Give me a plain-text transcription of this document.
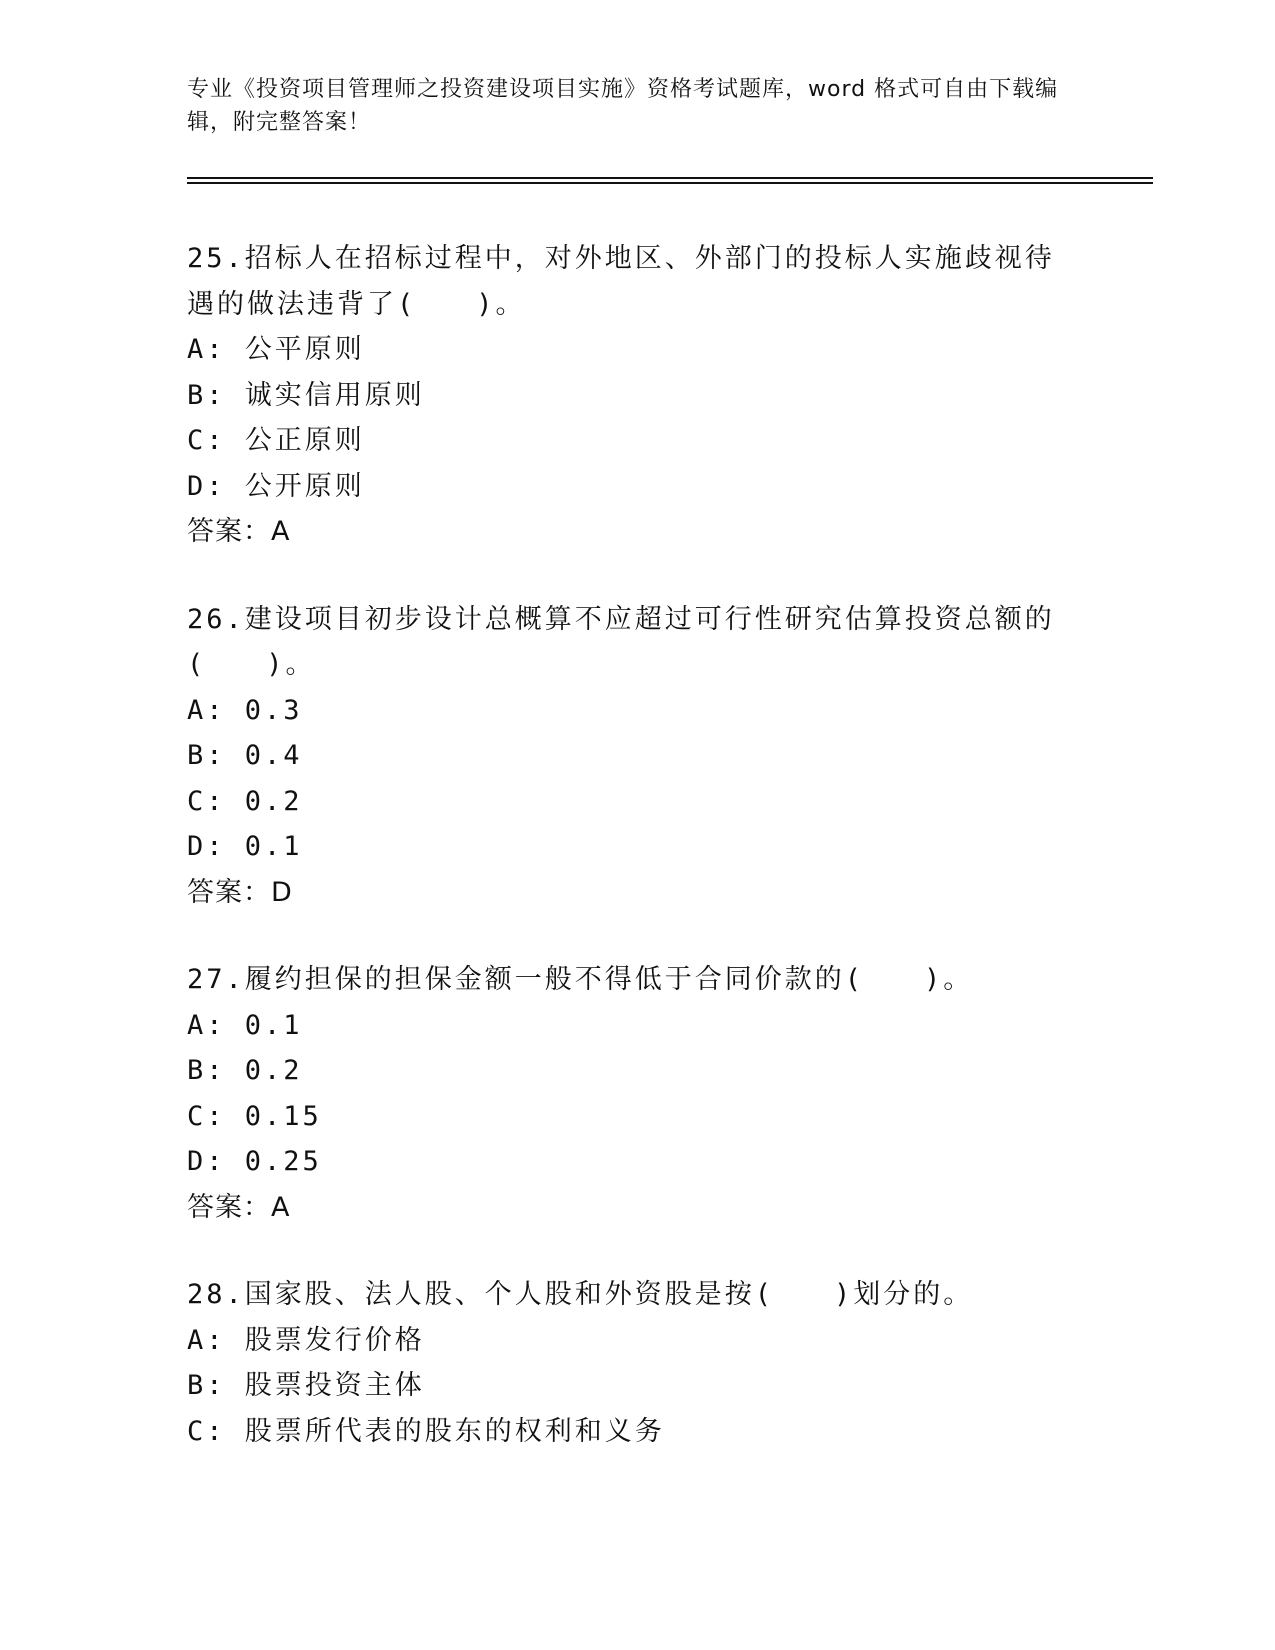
专业《投资项目管理师之投资建设项目实施》资格考试题库，word 格式可自由下载编辑，附完整答案！
25.招标人在招标过程中，对外地区、外部门的投标人实施歧视待遇的做法违背了(　　)。
A: 公平原则
B: 诚实信用原则
C: 公正原则
D: 公开原则
答案：A
26.建设项目初步设计总概算不应超过可行性研究估算投资总额的(　　)。
A: 0.3
B: 0.4
C: 0.2
D: 0.1
答案：D
27.履约担保的担保金额一般不得低于合同价款的(　　)。
A: 0.1
B: 0.2
C: 0.15
D: 0.25
答案：A
28.国家股、法人股、个人股和外资股是按(　　)划分的。
A: 股票发行价格
B: 股票投资主体
C: 股票所代表的股东的权利和义务
